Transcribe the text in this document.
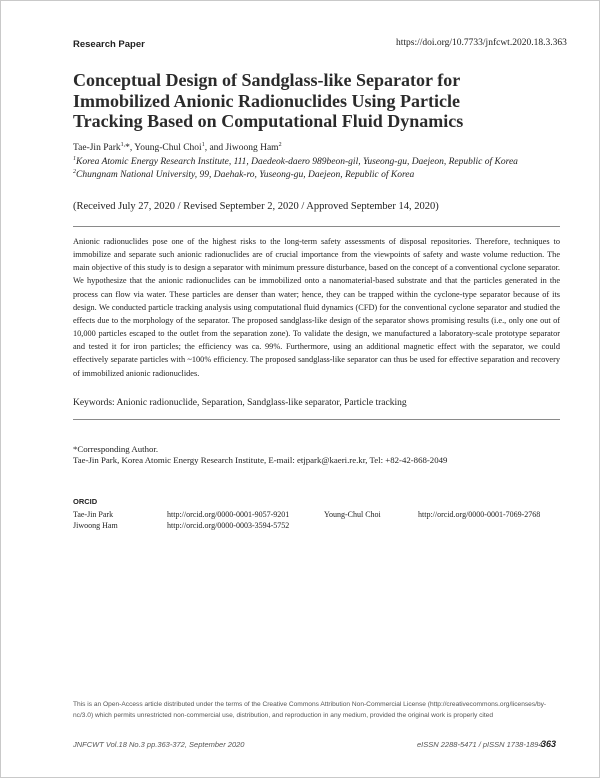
Research Paper	https://doi.org/10.7733/jnfcwt.2020.18.3.363
Conceptual Design of Sandglass-like Separator for Immobilized Anionic Radionuclides Using Particle Tracking Based on Computational Fluid Dynamics
Tae-Jin Park$^{1,}$*, Young-Chul Choi$^1$, and Jiwoong Ham$^2$
$^1$Korea Atomic Energy Research Institute, 111, Daedeok-daero 989beon-gil, Yuseong-gu, Daejeon, Republic of Korea
$^2$Chungnam National University, 99, Daehak-ro, Yuseong-gu, Daejeon, Republic of Korea
(Received July 27, 2020 / Revised September 2, 2020 / Approved September 14, 2020)

Anionic radionuclides pose one of the highest risks to the long-term safety assessments of disposal repositories. Therefore, techniques to immobilize and separate such anionic radionuclides are of crucial importance from the viewpoints of safety and waste volume reduction. The main objective of this study is to design a separator with minimum pressure disturbance, based on the concept of a conventional cyclone separator. We hypothesize that the anionic radionuclides can be immobilized onto a nanomaterial-based substrate and that the particles generated in the process can flow via water. These particles are denser than water; hence, they can be trapped within the cyclone-type separator because of its design. We conducted particle tracking analysis using computational fluid dynamics (CFD) for the conventional cyclone separator and studied the effects due to the morphology of the separator. The proposed sandglass-like design of the separator shows promising results (i.e., only one out of 10,000 particles escaped to the outlet from the separation zone). To validate the design, we manufactured a laboratory-scale prototype separator and tested it for iron particles; the efficiency was ca. 99%. Furthermore, using an additional magnetic effect with the separator, we could effectively separate particles with ~100% efficiency. The proposed sandglass-like separator can thus be used for effective separation and recovery of immobilized anionic radionuclides.

Keywords: Anionic radionuclide, Separation, Sandglass-like separator, Particle tracking
*Corresponding Author.
Tae-Jin Park, Korea Atomic Energy Research Institute, E-mail: etjpark@kaeri.re.kr, Tel: +82-42-868-2049
ORCID
Tae-Jin Park	http://orcid.org/0000-0001-9057-9201	Young-Chul Choi	http://orcid.org/0000-0001-7069-2768
Jiwoong Ham	http://orcid.org/0000-0003-3594-5752

This is an Open-Access article distributed under the terms of the Creative Commons Attribution Non-Commercial License (http://creativecommons.org/licenses/by-nc/3.0) which permits unrestricted non-commercial use, distribution, and reproduction in any medium, provided the original work is properly cited

JNFCWT Vol.18 No.3 pp.363-372, September 2020	eISSN 2288-5471 / pISSN 1738-1894
363
